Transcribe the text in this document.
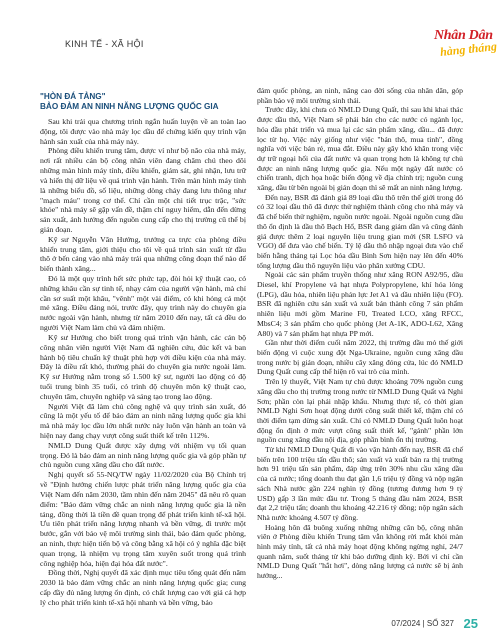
KINH TẾ - XÃ HỘI
Nhân Dân
hàng tháng
"HÒN ĐÁ TẢNG"
BẢO ĐẢM AN NINH NĂNG LƯỢNG QUỐC GIA

Sau khi trải qua chương trình ngắn huấn luyện về an toàn lao động, tôi được vào nhà máy lọc dầu để chứng kiến quy trình vận hành sản xuất của nhà máy này.

Phòng điều khiển trung tâm, được ví như bộ não của nhà máy, nơi rất nhiều cán bộ công nhân viên đang chăm chú theo dõi những màn hình máy tính, điều khiển, giám sát, ghi nhận, lưu trữ và hiển thị dữ liệu về quá trình vận hành. Trên màn hình máy tính là những biểu đồ, số liệu, những dòng chảy đang lưu thông như "mạch máu" trong cơ thể. Chỉ cần một chi tiết trục trặc, "sức khỏe" nhà máy sẽ gặp vấn đề, thậm chí nguy hiểm, dẫn đến dừng sản xuất, ảnh hưởng đến nguồn cung cấp cho thị trường cũ thể bị gián đoạn.

Kỹ sư Nguyễn Văn Hướng, trưởng ca trực của phòng điều khiển trung tâm, giới thiệu cho tôi về quá trình sản xuất từ đầu thô ở bến cảng vào nhà máy trải qua những công đoạn thế nào để biến thành xăng...

Đó là một quy trình hết sức phức tạp, đòi hỏi kỹ thuật cao, có những khâu cần sự tinh tế, nhạy cảm của người vận hành, mà chỉ cần sơ suất một khâu, "vênh" một vài điểm, có khi hỏng cả một mẻ xăng. Điều đáng nói, trước đây, quy trình này do chuyên gia nước ngoài vận hành, nhưng từ năm 2010 đến nay, tất cả đều do người Việt Nam làm chủ và đảm nhiệm.

Kỹ sư Hướng cho biết trong quá trình vận hành, các cán bộ công nhân viên người Việt Nam đã nghiên cứu, đúc kết và ban hành bộ tiêu chuẩn kỹ thuật phù hợp với điều kiện của nhà máy. Đây là điều rất khó, thường phải do chuyên gia nước ngoài làm. Kỹ sư Hướng nằm trong số 1.500 kỹ sư, người lao động có độ tuổi trung bình 35 tuổi, có trình độ chuyên môn kỹ thuật cao, chuyên tâm, chuyên nghiệp và sáng tạo trong lao động.

Người Việt đã làm chủ công nghệ và quy trình sản xuất, đó cũng là một yếu tố để bảo đảm an ninh năng lượng quốc gia khi mà nhà máy lọc dầu lớn nhất nước này luôn vận hành an toàn và hiện nay đang chạy vượt công suất thiết kế trên 112%.

NMLD Dung Quất được xây dựng với nhiệm vụ tối quan trọng. Đó là bảo đảm an ninh năng lượng quốc gia và góp phần tự chủ nguồn cung xăng dầu cho đất nước.

Nghị quyết số 55-NQ/TW ngày 11/02/2020 của Bộ Chính trị về "Định hướng chiến lược phát triển năng lượng quốc gia của Việt Nam đến năm 2030, tầm nhìn đến năm 2045" đã nêu rõ quan điểm: "Bảo đảm vững chắc an ninh năng lượng quốc gia là nền tảng, đồng thời là tiền đề quan trọng để phát triển kinh tế-xã hội. Ưu tiên phát triển năng lượng nhanh và bền vững, đi trước một bước, gắn với bảo vệ môi trường sinh thái, bảo đảm quốc phòng, an ninh, thực hiện tiến bộ và công bằng xã hội có ý nghĩa đặc biệt quan trọng, là nhiệm vụ trọng tâm xuyên suốt trong quá trình công nghiệp hóa, hiện đại hóa đất nước".

Đồng thời, Nghị quyết đã xác định mục tiêu tổng quát đến năm 2030 là bảo đảm vững chắc an ninh năng lượng quốc gia; cung cấp đầy đủ năng lượng ổn định, có chất lượng cao với giá cả hợp lý cho phát triển kinh tế-xã hội nhanh và bền vững, bảo

đảm quốc phòng, an ninh, nâng cao đời sống của nhân dân, góp phần bảo vệ môi trường sinh thái.

Trước đây, khi chưa có NMLD Dung Quất, thì sau khi khai thác được dầu thô, Việt Nam sẽ phải bán cho các nước có ngành lọc, hóa dầu phát triển và mua lại các sản phẩm xăng, dầu... đã được lọc từ họ. Việc này giống như việc "bán thô, mua tinh", đồng nghĩa với việc bán rẻ, mua đắt. Điều này gây khó khăn trong việc dự trữ ngoại hối của đất nước và quan trọng hơn là không tự chủ được an ninh năng lượng quốc gia. Nếu một ngày đất nước có chiến tranh, dịch họa hoặc biến động về địa chính trị; nguồn cung xăng, dầu từ bên ngoài bị gián đoạn thì sẽ mất an ninh năng lượng.

Đến nay, BSR đã đánh giá 89 loại dầu thô trên thế giới trong đó có 32 loại dầu thô đã được thử nghiệm thành công cho nhà máy và đã chế biến thử nghiệm, nguồn nước ngoài. Ngoài nguồn cung dầu thô ổn định là dầu thô Bạch Hổ, BSR đang giảm dần và cũng đánh giá được thêm 2 loại nguyên liệu trung gian mới (SR LSFO và VGO) để đưa vào chế biến. Tỷ lệ dầu thô nhập ngoại đưa vào chế biến hằng tháng tại Lọc hóa dầu Bình Sơn hiện nay lên đến 40% tổng lượng dầu thô nguyên liệu vào phân xưởng CDU.

Ngoài các sản phẩm truyền thống như xăng RON A92/95, dầu Diesel, khí Propylene và hạt nhựa Polypropylene, khí hóa lỏng (LPG), dầu hỏa, nhiên liệu phản lực Jet A1 và dầu nhiên liệu (FO). BSR đã nghiên cứu sản xuất và xuất bán thành công 7 sản phẩm nhiên liệu mới gồm Marine F0, Treated LCO, xăng RFCC, MbsC4; 3 sản phẩm cho quốc phòng (Jet A-1K, ADO-L62, Xăng A80) và 7 sản phẩm hạt nhựa PP mới.

Gần như thời điểm cuối năm 2022, thị trường dầu mỏ thế giới biến động vì cuộc xung đột Nga-Ukraine, nguồn cung xăng dầu trong nước bị gián đoạn, nhiều cây xăng đóng cửa, lúc đó NMLD Dung Quất cung cấp thể hiện rõ vai trò của mình.

Trên lý thuyết, Việt Nam tự chủ được khoảng 70% nguồn cung xăng dầu cho thị trường trong nước từ NMLD Dung Quất và Nghi Sơn; phần còn lại phải nhập khẩu. Nhưng thực tế, có thời gian NMLD Nghi Sơn hoạt động dưới công suất thiết kế, thậm chí có thời điểm tạm dừng sản xuất. Chỉ có NMLD Dung Quất luôn hoạt động ổn định ở mức vượt công suất thiết kế, "gánh" phần lớn nguồn cung xăng dầu nội địa, góp phần bình ổn thị trường.

Từ khi NMLD Dung Quất đi vào vận hành đến nay, BSR đã chế biến trên 100 triệu tấn dầu thô; sản xuất và xuất bán ra thị trường hơn 91 triệu tấn sản phẩm, đáp ứng trên 30% nhu cầu xăng dầu của cả nước; tổng doanh thu đạt gần 1,6 triệu tỷ đồng và nộp ngân sách Nhà nước gần 224 nghìn tỷ đồng (tương đương hơn 9 tỷ USD) gấp 3 lần mức đầu tư. Trong 5 tháng đầu năm 2024, BSR đạt 2,2 triệu tấn; doanh thu khoảng 42.216 tỷ đồng; nộp ngân sách Nhà nước khoảng 4.507 tỷ đồng.

Hoàng hôn đã buông xuống những những căn bộ, công nhân viên ở Phòng điều khiển Trung tâm vẫn không rời mắt khỏi màn hình máy tính, tất cả nhà máy hoạt động không ngừng nghỉ, 24/7 quanh năm, suốt tháng từ khi bảo dưỡng định kỳ. Bởi vì chỉ cần NMLD Dung Quất "hắt hơi", dòng năng lượng cả nước sẽ bị ảnh hưởng...

07/2024 | SỐ 327 25
